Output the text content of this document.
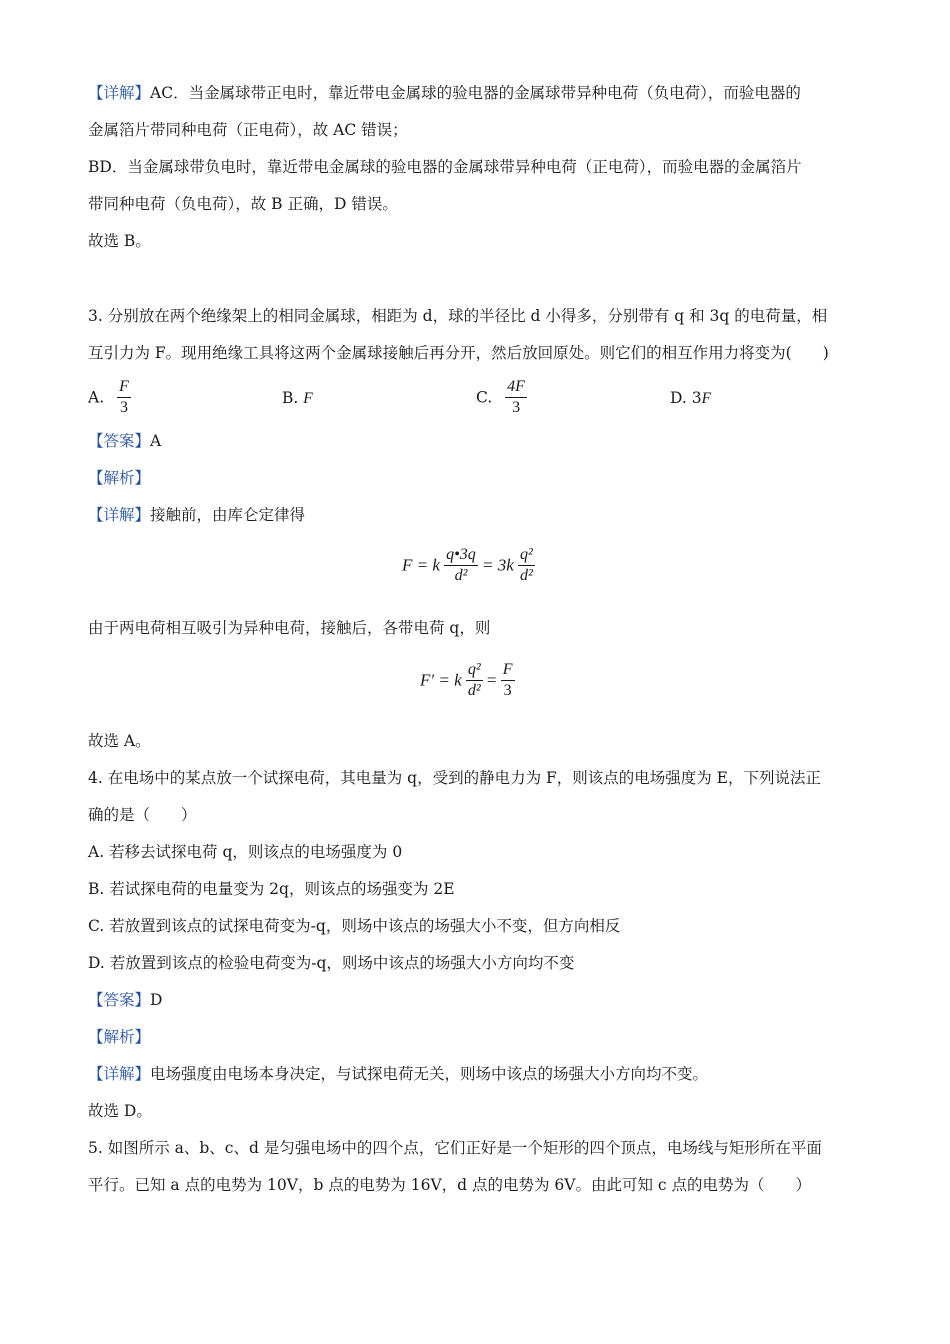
【详解】AC．当金属球带正电时，靠近带电金属球的验电器的金属球带异种电荷（负电荷），而验电器的
金属箔片带同种电荷（正电荷），故 AC 错误；
BD．当金属球带负电时，靠近带电金属球的验电器的金属球带异种电荷（正电荷），而验电器的金属箔片
带同种电荷（负电荷），故 B 正确，D 错误。
故选 B。
3. 分别放在两个绝缘架上的相同金属球，相距为 d，球的半径比 d 小得多，分别带有 q 和 3q 的电荷量，相
互引力为 F。现用绝缘工具将这两个金属球接触后再分开，然后放回原处。则它们的相互作用力将变为(　　)
A. $\frac{F}{3}$	B. F	C. $\frac{4F}{3}$	D. 3F
【答案】A
【解析】
【详解】接触前，由库仑定律得
F = k $\frac{q•3q}{\text{d²}} = 3k \frac{\text{q²}}{\text{d²}}$
由于两电荷相互吸引为异种电荷，接触后，各带电荷 q，则
F′ = k $\frac{\text{q²}}{\text{d²}} = \frac{F}{3}$
故选 A。
4. 在电场中的某点放一个试探电荷，其电量为 q，受到的静电力为 F，则该点的电场强度为 E，下列说法正
确的是（　　）
A. 若移去试探电荷 q，则该点的电场强度为 0
B. 若试探电荷的电量变为 2q，则该点的场强变为 2E
C. 若放置到该点的试探电荷变为-q，则场中该点的场强大小不变，但方向相反
D. 若放置到该点的检验电荷变为-q，则场中该点的场强大小方向均不变
【答案】D
【解析】
【详解】电场强度由电场本身决定，与试探电荷无关，则场中该点的场强大小方向均不变。
故选 D。
5. 如图所示 a、b、c、d 是匀强电场中的四个点，它们正好是一个矩形的四个顶点，电场线与矩形所在平面
平行。已知 a 点的电势为 10V，b 点的电势为 16V，d 点的电势为 6V。由此可知 c 点的电势为（　　）
